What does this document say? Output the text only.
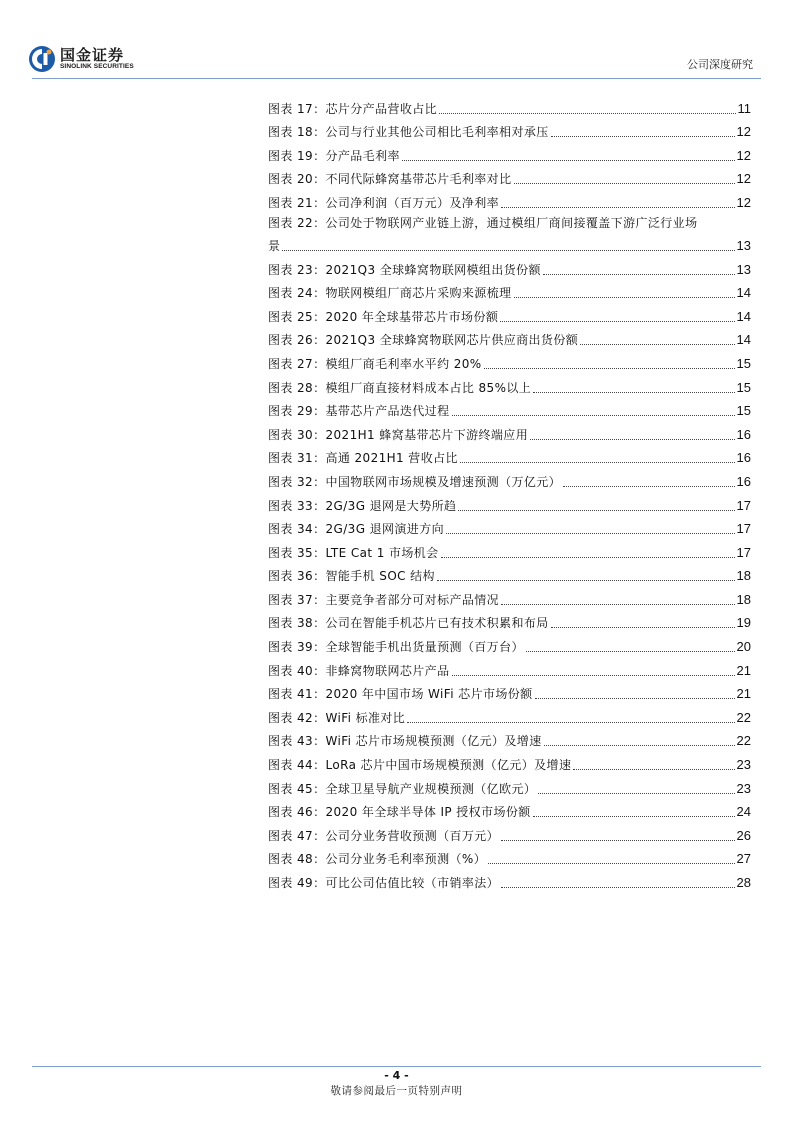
国金证券
SINOLINK SECURITIES	公司深度研究
图表 17：芯片分产品营收占比	11
图表 18：公司与行业其他公司相比毛利率相对承压	12
图表 19：分产品毛利率	12
图表 20：不同代际蜂窝基带芯片毛利率对比	12
图表 21：公司净利润（百万元）及净利率	12
图表 22：公司处于物联网产业链上游，通过模组厂商间接覆盖下游广泛行业场
景	13
图表 23：2021Q3 全球蜂窝物联网模组出货份额	13
图表 24：物联网模组厂商芯片采购来源梳理	14
图表 25：2020 年全球基带芯片市场份额	14
图表 26：2021Q3 全球蜂窝物联网芯片供应商出货份额	14
图表 27：模组厂商毛利率水平约 20%	15
图表 28：模组厂商直接材料成本占比 85%以上	15
图表 29：基带芯片产品迭代过程	15
图表 30：2021H1 蜂窝基带芯片下游终端应用	16
图表 31：高通 2021H1 营收占比	16
图表 32：中国物联网市场规模及增速预测（万亿元）	16
图表 33：2G/3G 退网是大势所趋	17
图表 34：2G/3G 退网演进方向	17
图表 35：LTE Cat 1 市场机会	17
图表 36：智能手机 SOC 结构	18
图表 37：主要竞争者部分可对标产品情况	18
图表 38：公司在智能手机芯片已有技术积累和布局	19
图表 39：全球智能手机出货量预测（百万台）	20
图表 40：非蜂窝物联网芯片产品	21
图表 41：2020 年中国市场 WiFi 芯片市场份额	21
图表 42：WiFi 标准对比	22
图表 43：WiFi 芯片市场规模预测（亿元）及增速	22
图表 44：LoRa 芯片中国市场规模预测（亿元）及增速	23
图表 45：全球卫星导航产业规模预测（亿欧元）	23
图表 46：2020 年全球半导体 IP 授权市场份额	24
图表 47：公司分业务营收预测（百万元）	26
图表 48：公司分业务毛利率预测（%）	27
图表 49：可比公司估值比较（市销率法）	28
- 4 -
敬请参阅最后一页特别声明
